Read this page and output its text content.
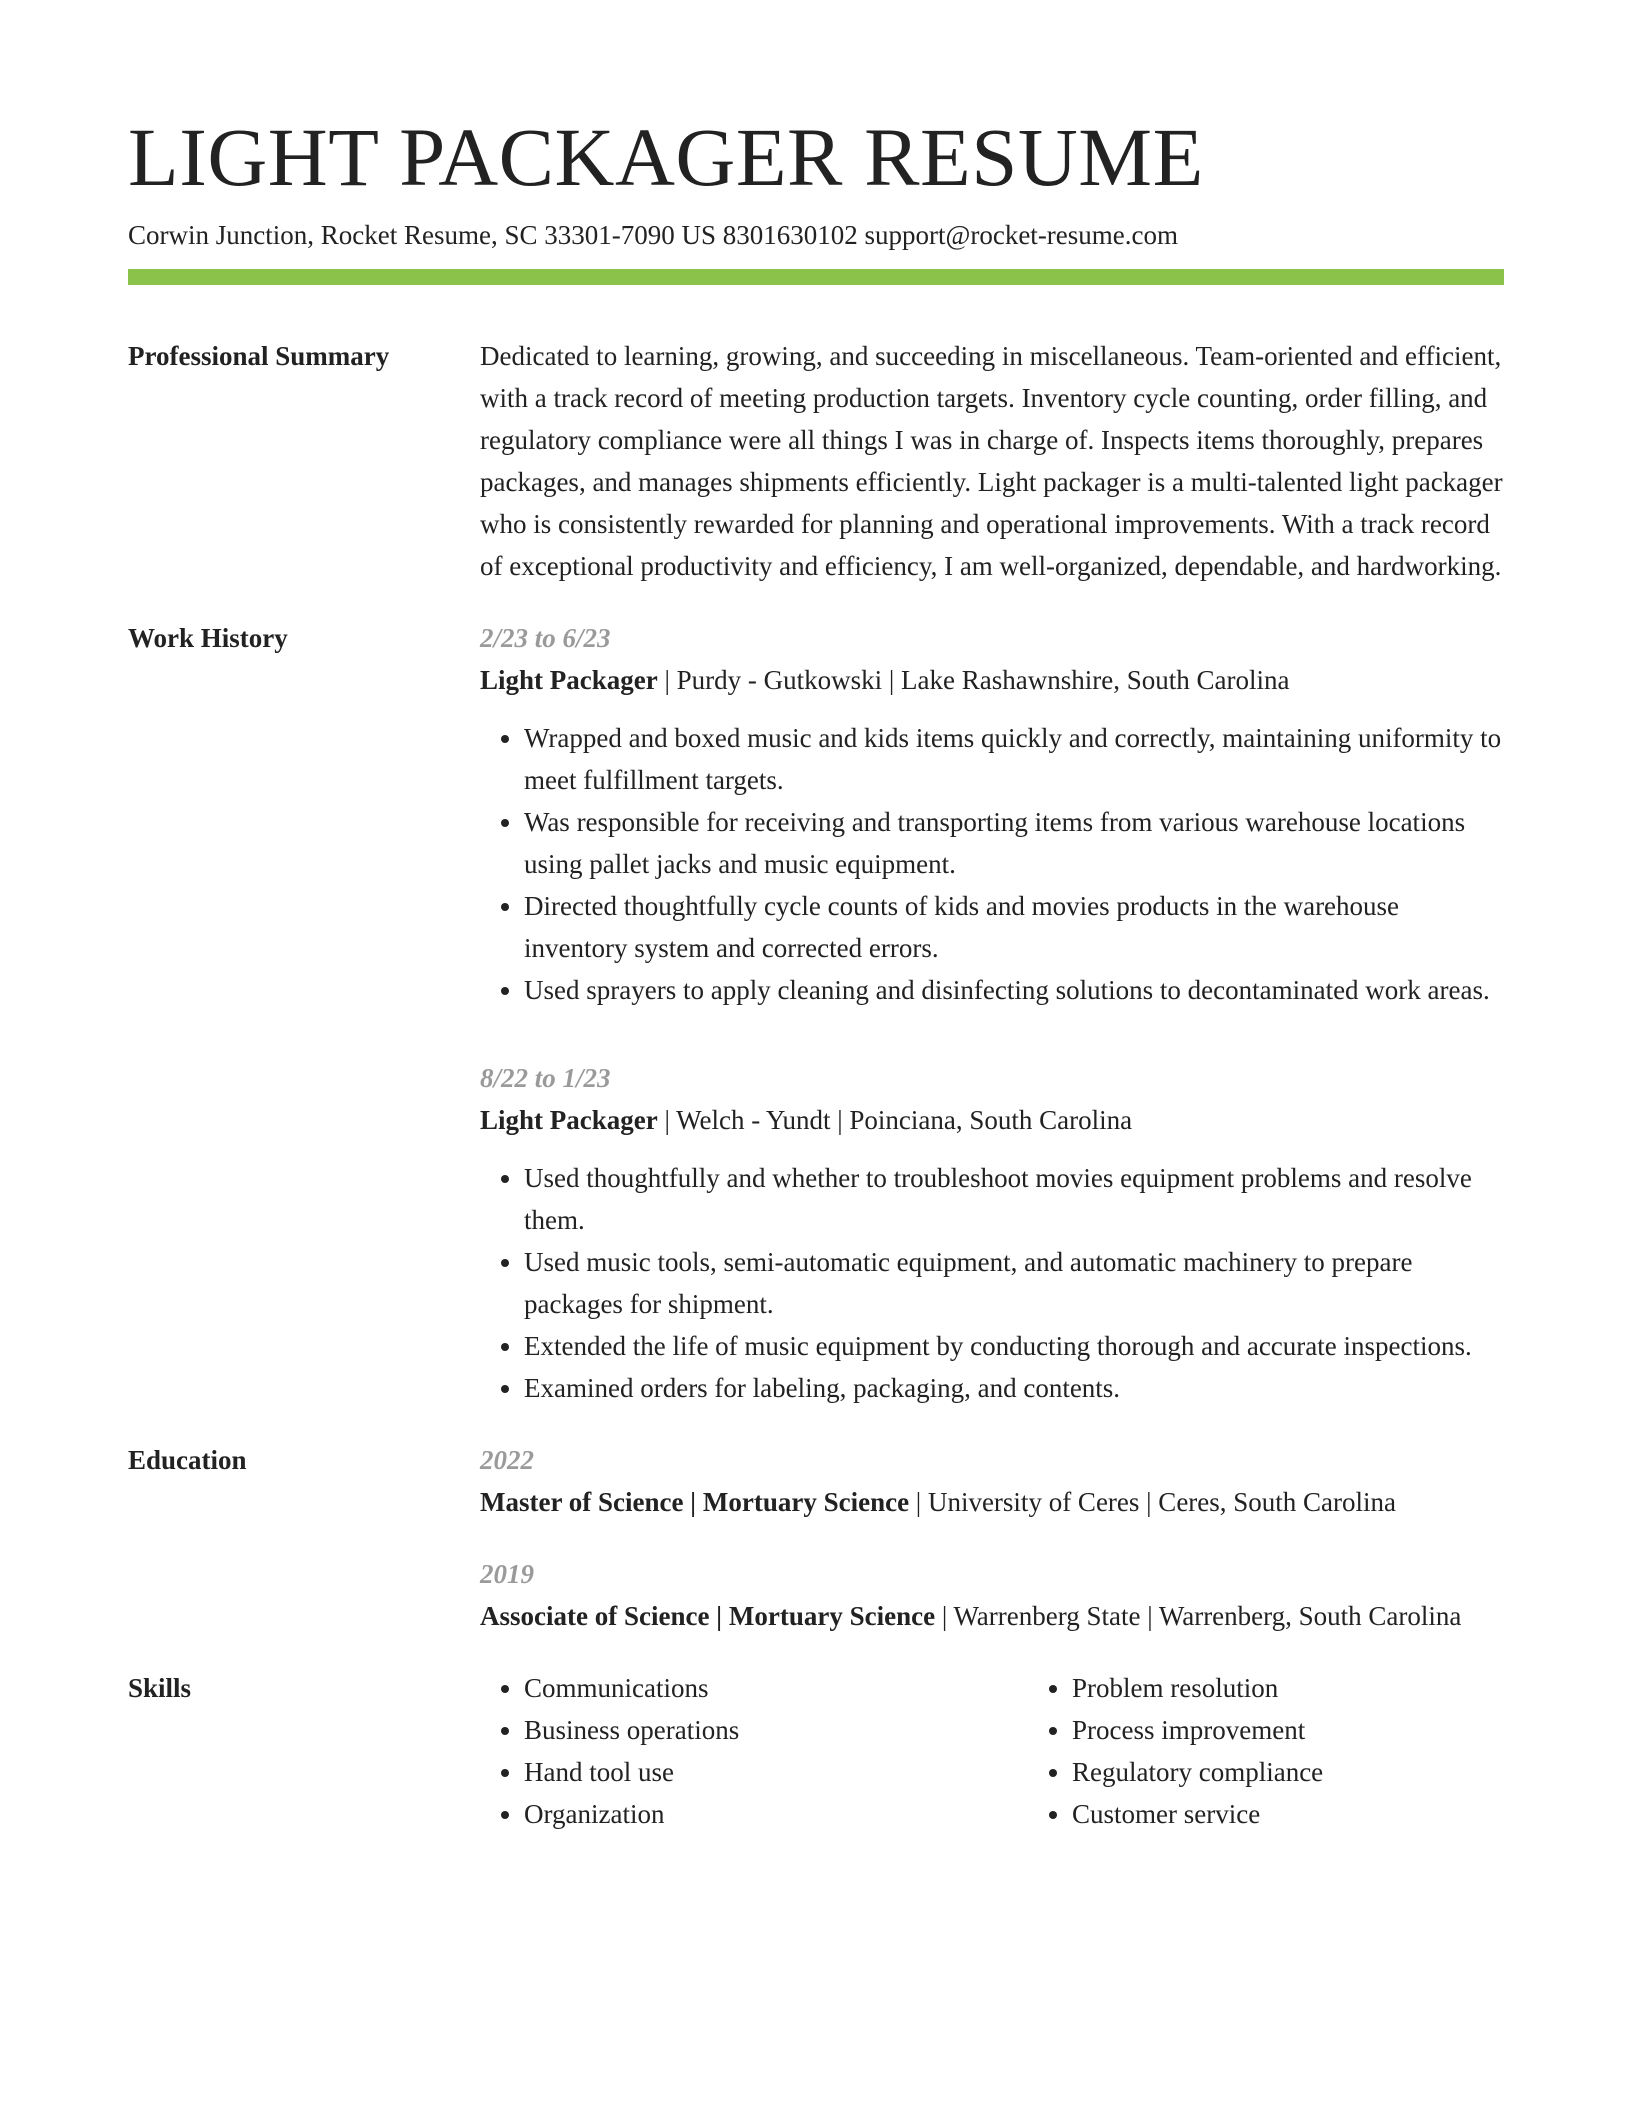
LIGHT PACKAGER RESUME
Corwin Junction, Rocket Resume, SC 33301-7090 US 8301630102 support@rocket-resume.com
Professional Summary	Dedicated to learning, growing, and succeeding in miscellaneous. Team-oriented and efficient, with a track record of meeting production targets. Inventory cycle counting, order filling, and regulatory compliance were all things I was in charge of. Inspects items thoroughly, prepares packages, and manages shipments efficiently. Light packager is a multi-talented light packager who is consistently rewarded for planning and operational improvements. With a track record of exceptional productivity and efficiency, I am well-organized, dependable, and hardworking.

Work History	2/23 to 6/23
Light Packager | Purdy - Gutkowski | Lake Rashawnshire, South Carolina
• Wrapped and boxed music and kids items quickly and correctly, maintaining uniformity to meet fulfillment targets.
• Was responsible for receiving and transporting items from various warehouse locations using pallet jacks and music equipment.
• Directed thoughtfully cycle counts of kids and movies products in the warehouse inventory system and corrected errors.
• Used sprayers to apply cleaning and disinfecting solutions to decontaminated work areas.
8/22 to 1/23
Light Packager | Welch - Yundt | Poinciana, South Carolina
• Used thoughtfully and whether to troubleshoot movies equipment problems and resolve them.
• Used music tools, semi-automatic equipment, and automatic machinery to prepare packages for shipment.
• Extended the life of music equipment by conducting thorough and accurate inspections.
• Examined orders for labeling, packaging, and contents.
Education	2022
Master of Science | Mortuary Science | University of Ceres | Ceres, South Carolina
2019
Associate of Science | Mortuary Science | Warrenberg State | Warrenberg, South Carolina
Skills
•	Communications
• Business operations
• Hand tool use
• Organization
• Problem resolution
• Process improvement
• Regulatory compliance
• Customer service
